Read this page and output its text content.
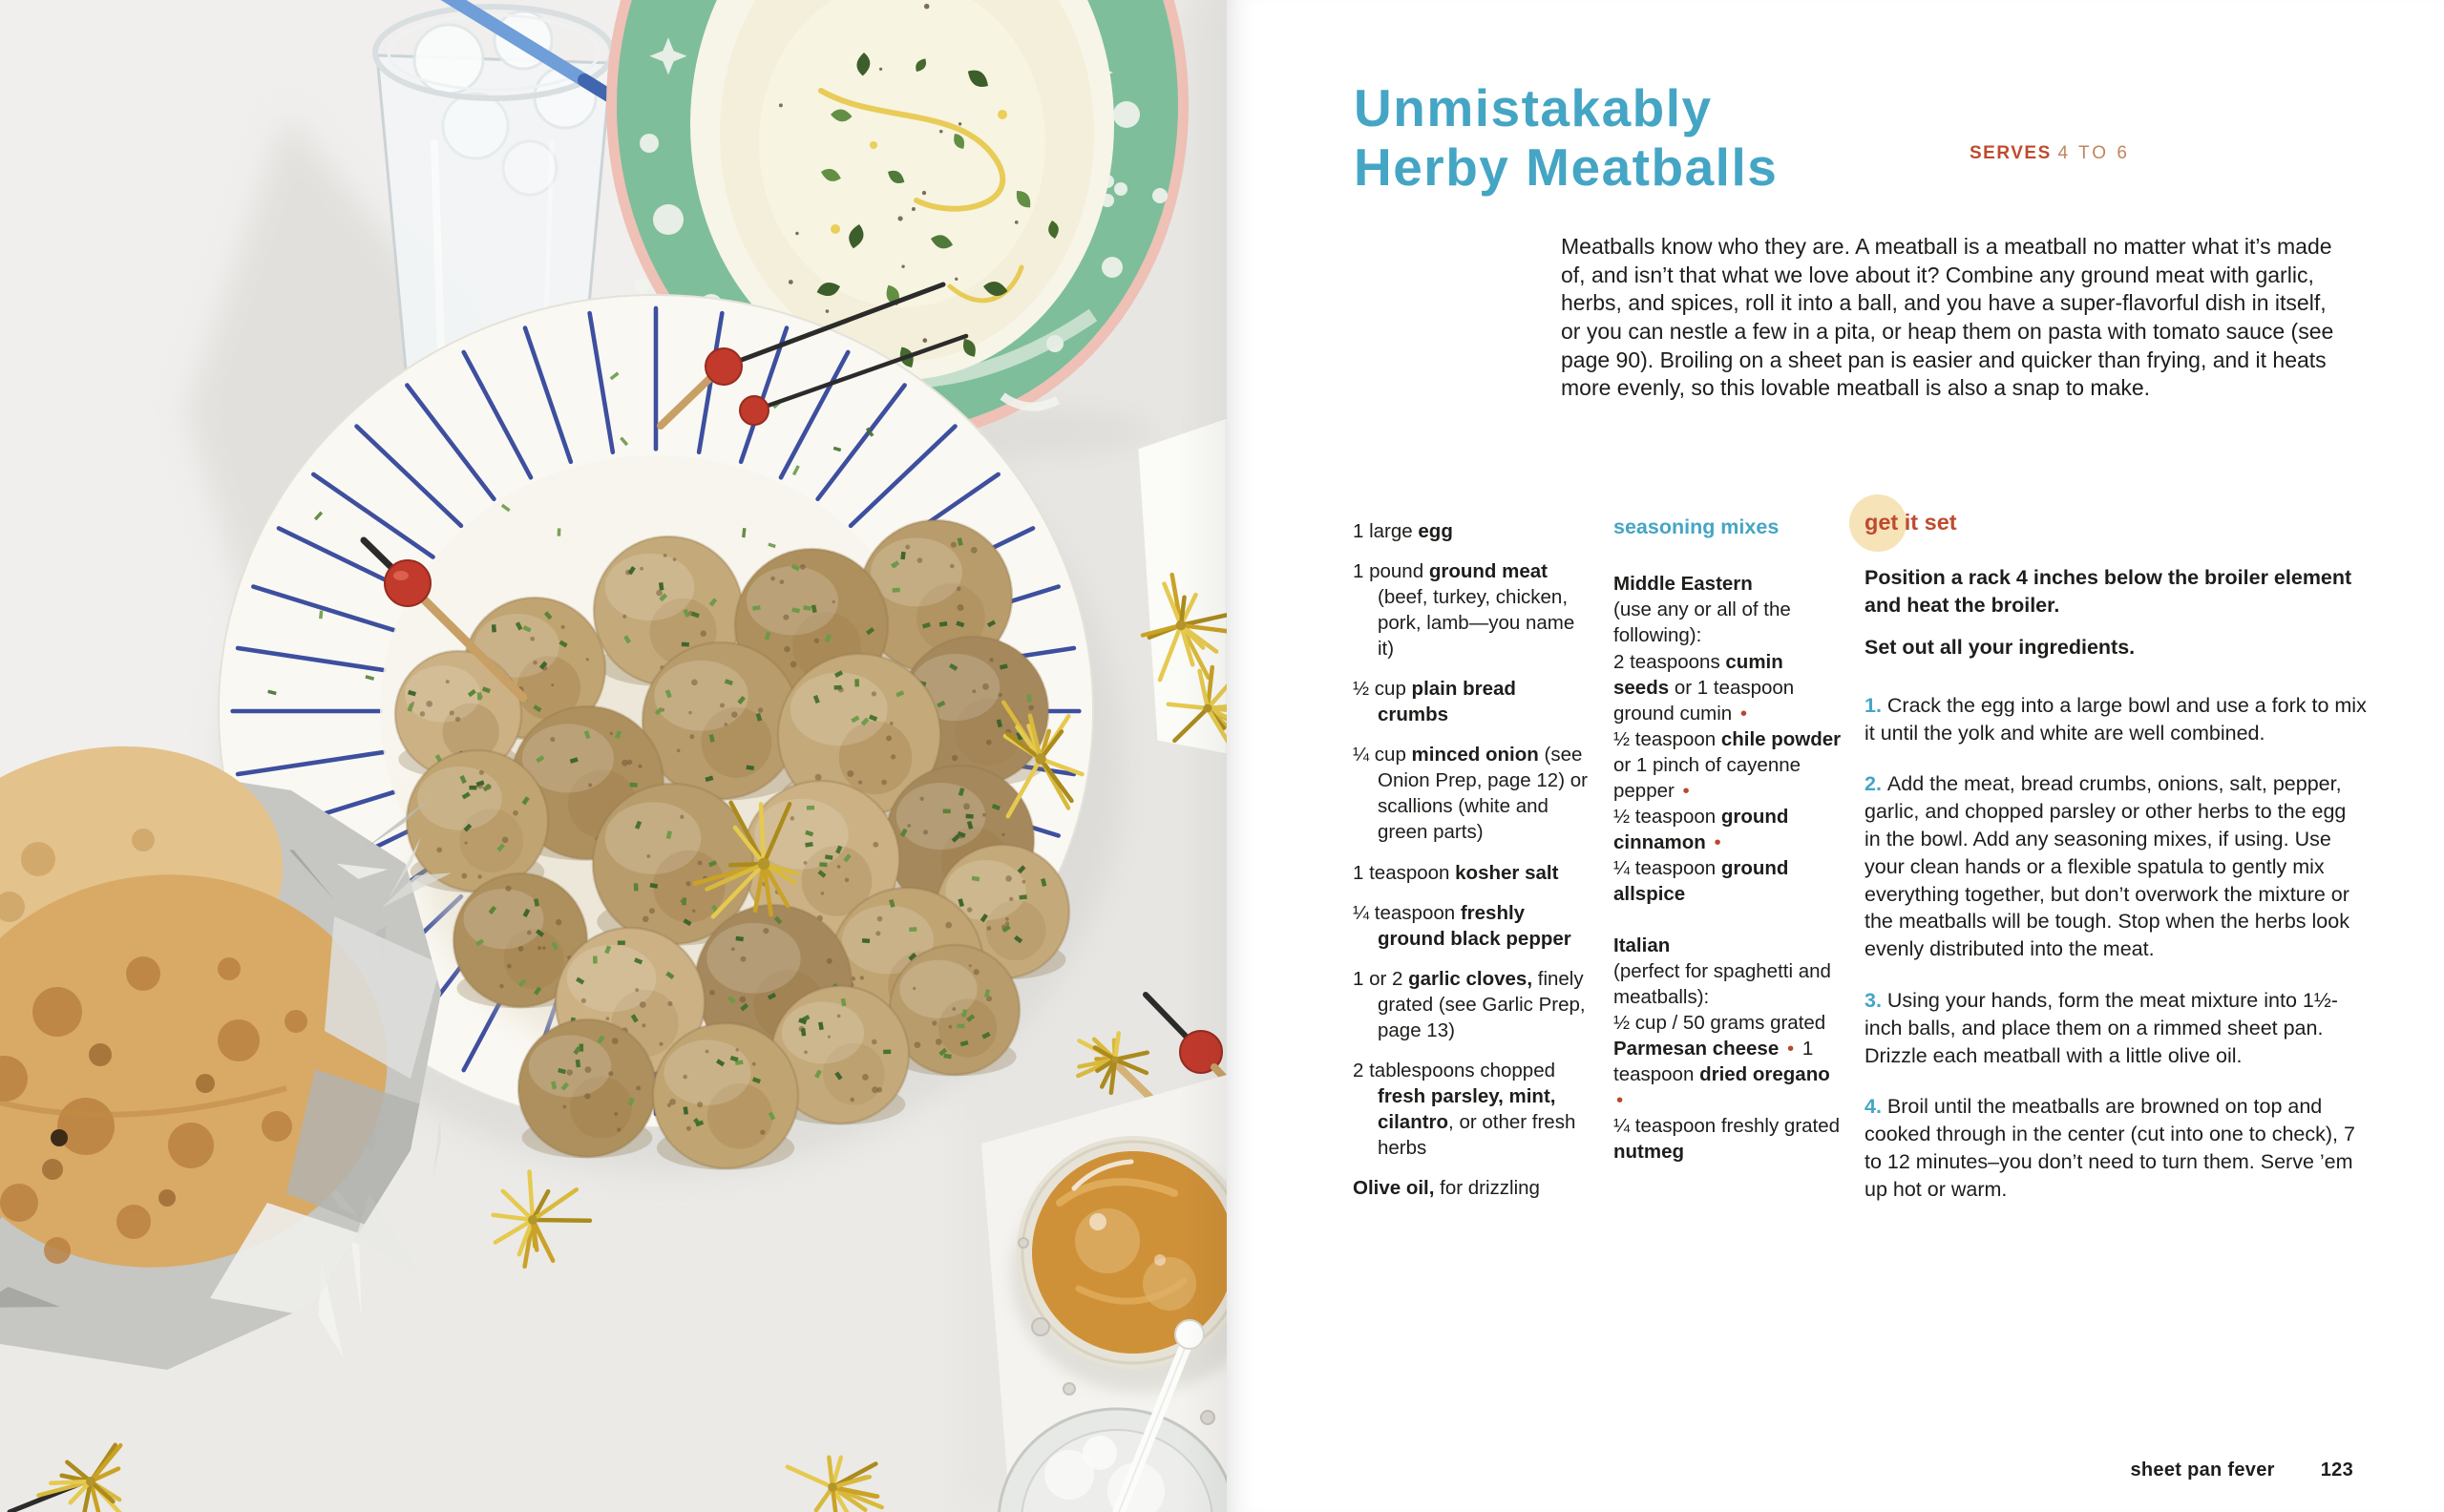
Unmistakably
Herby Meatballs	SERVES 4 TO 6

Meatballs know who they are. A meatball is a meatball no matter what it’s made of, and isn’t that what we love about it? Combine any ground meat with garlic, herbs, and spices, roll it into a ball, and you have a super-flavorful dish in itself, or you can nestle a few in a pita, or heap them on pasta with tomato sauce (see page 90). Broiling on a sheet pan is easier and quicker than frying, and it heats more evenly, so this lovable meatball is also a snap to make.

1 large egg
1 pound ground meat (beef, turkey, chicken, pork, lamb—you name it)
½ cup plain bread crumbs
¼ cup minced onion (see Onion Prep, page 12) or scallions (white and green parts)
1 teaspoon kosher salt
¼ teaspoon freshly ground black pepper
1 or 2 garlic cloves, finely grated (see Garlic Prep, page 13)
2 tablespoons chopped fresh parsley, mint, cilantro, or other fresh herbs
Olive oil, for drizzling
seasoning mixes
Middle Eastern
(use any or all of the following):
2 teaspoons cumin seeds or 1 teaspoon ground cumin •
½ teaspoon chile powder or 1 pinch of cayenne pepper •
½ teaspoon ground cinnamon •
¼ teaspoon ground allspice
Italian
(perfect for spaghetti and meatballs):
½ cup / 50 grams grated Parmesan cheese • 1 teaspoon dried oregano •
¼ teaspoon freshly grated nutmeg
get it set

Position a rack 4 inches below the broiler element and heat the broiler.

Set out all your ingredients.

1. Crack the egg into a large bowl and use a fork to mix it until the yolk and white are well combined.

2. Add the meat, bread crumbs, onions, salt, pepper, garlic, and chopped parsley or other herbs to the egg in the bowl. Add any seasoning mixes, if using. Use your clean hands or a flexible spatula to gently mix everything together, but don’t overwork the mixture or the meatballs will be tough. Stop when the herbs look evenly distributed into the meat.

3. Using your hands, form the meat mixture into 1½-inch balls, and place them on a rimmed sheet pan. Drizzle each meatball with a little olive oil.

4. Broil until the meatballs are browned on top and cooked through in the center (cut into one to check), 7 to 12 minutes–you don’t need to turn them. Serve ’em up hot or warm.

sheet pan fever 123
